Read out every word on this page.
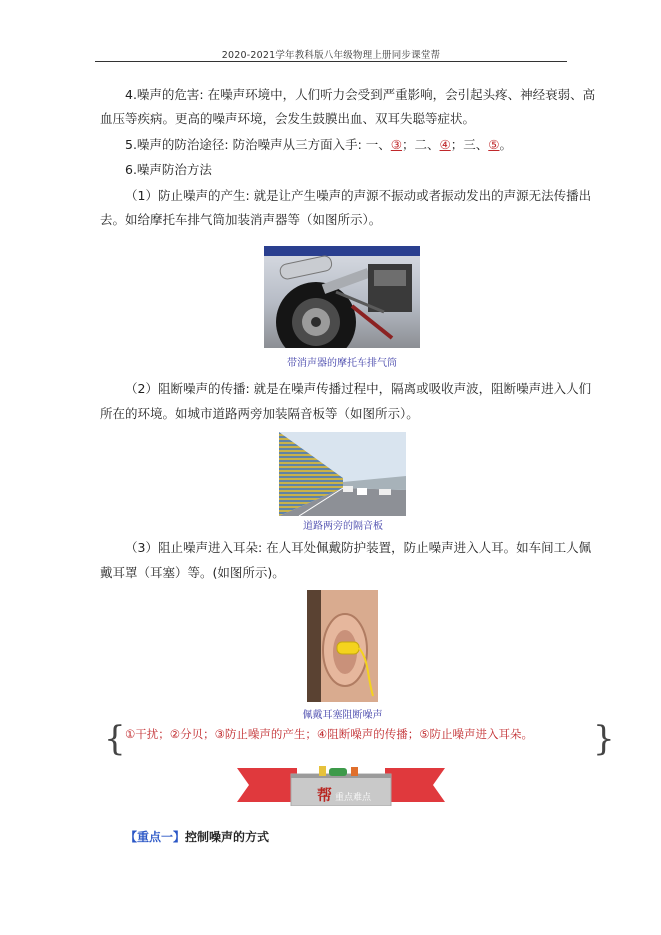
2020-2021学年教科版八年级物理上册同步课堂帮
4.噪声的危害: 在噪声环境中，人们听力会受到严重影响，会引起头疼、神经衰弱、高
血压等疾病。更高的噪声环境，会发生鼓膜出血、双耳失聪等症状。
5.噪声的防治途径: 防治噪声从三方面入手: 一、③；二、④；三、⑤。
6.噪声防治方法
（1）防止噪声的产生: 就是让产生噪声的声源不振动或者振动发出的声源无法传播出
去。如给摩托车排气筒加装消声器等（如图所示）。
带消声器的摩托车排气筒
（2）阻断噪声的传播: 就是在噪声传播过程中，隔离或吸收声波，阻断噪声进入人们
所在的环境。如城市道路两旁加装隔音板等（如图所示）。
道路两旁的隔音板
（3）阻止噪声进入耳朵: 在人耳处佩戴防护装置，防止噪声进入人耳。如车间工人佩
戴耳罩（耳塞）等。(如图所示)。
佩戴耳塞阻断噪声
{ ①干扰；②分贝；③防止噪声的产生；④阻断噪声的传播；⑤防止噪声进入耳朵。 }
帮 重点难点
【重点一】控制噪声的方式
